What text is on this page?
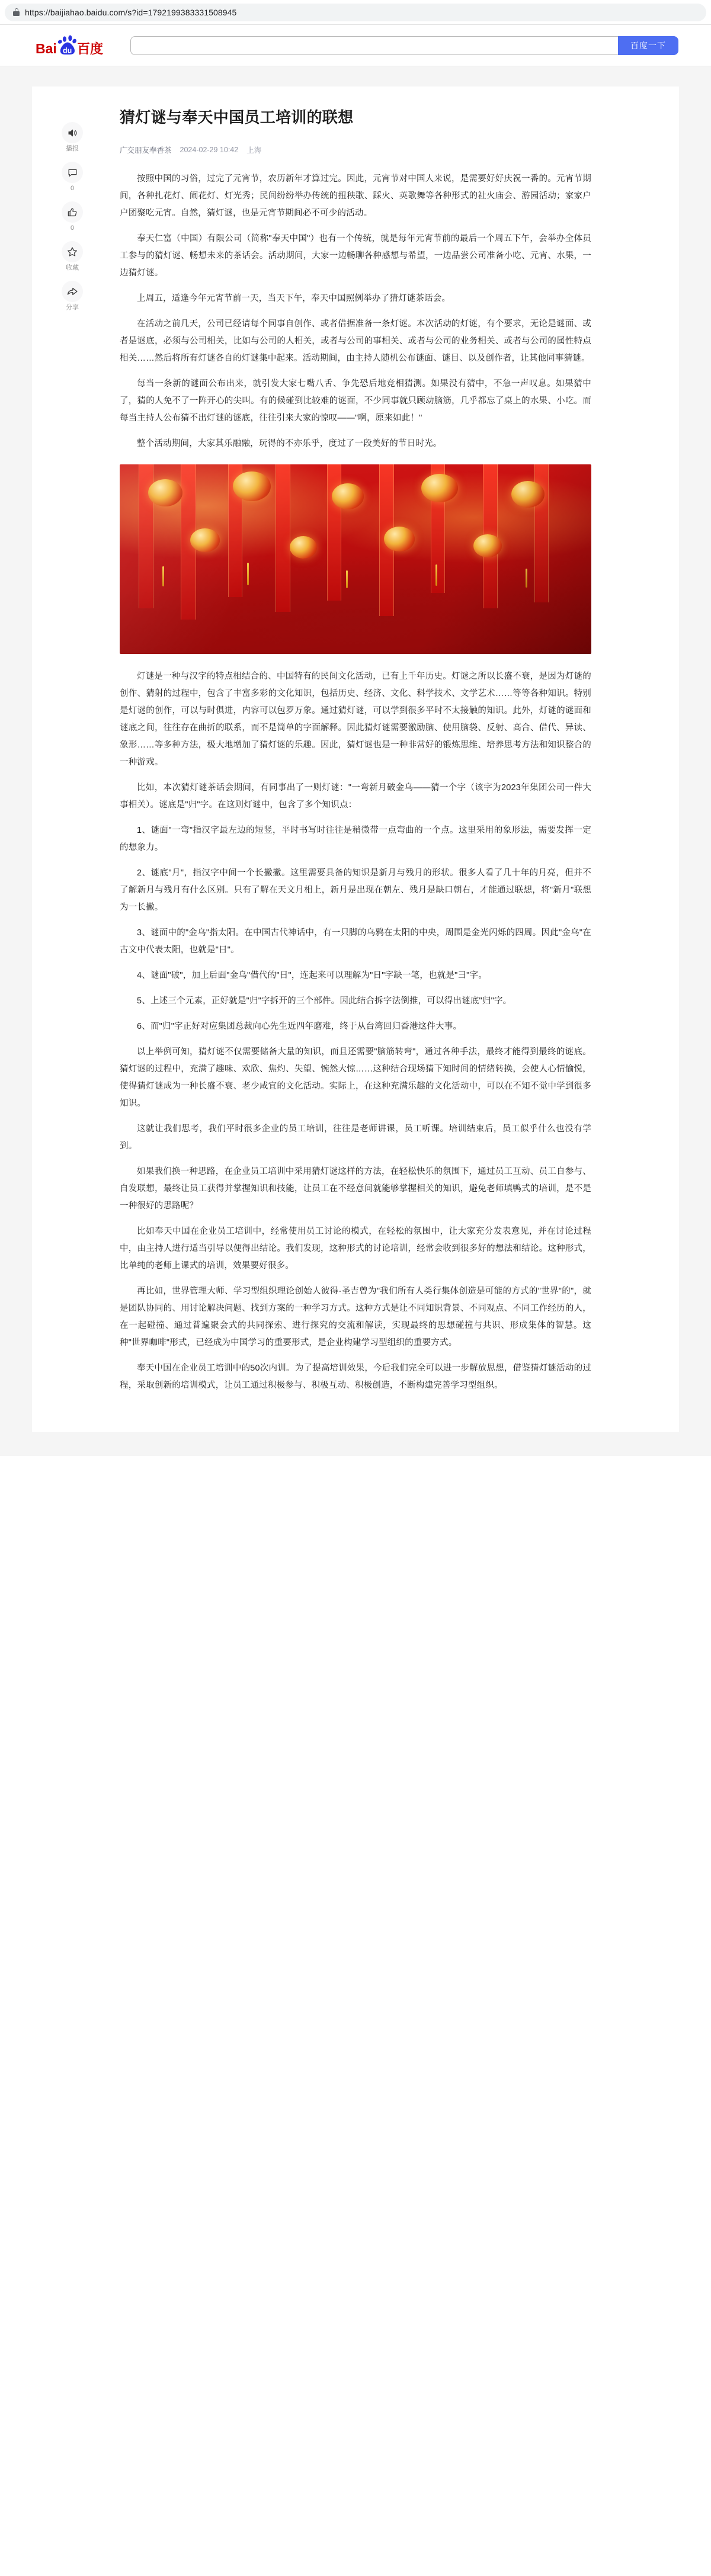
https://baijiahao.baidu.com/s?id=1792199383331508945
du
Bai 百度	百度一下
播报
0
0
收藏
分享
猜灯谜与奉天中国员工培训的联想
广交朋友奉香茶 2024-02-29 10:42 上海

按照中国的习俗，过完了元宵节，农历新年才算过完。因此，元宵节对中国人来说，是需要好好庆祝一番的。元宵节期间，各种扎花灯、闹花灯、灯光秀；民间纷纷举办传统的扭秧歌、踩火、英歌舞等各种形式的社火庙会、游园活动；家家户户团聚吃元宵。自然，猜灯谜，也是元宵节期间必不可少的活动。

奉天仁富（中国）有限公司（简称"奉天中国"）也有一个传统，就是每年元宵节前的最后一个周五下午，会举办全体员工参与的猜灯谜、畅想未来的茶话会。活动期间，大家一边畅聊各种感想与希望，一边品尝公司准备小吃、元宵、水果，一边猜灯谜。

上周五，适逢今年元宵节前一天，当天下午，奉天中国照例举办了猜灯谜茶话会。

在活动之前几天，公司已经请每个同事自创作、或者借据准备一条灯谜。本次活动的灯谜，有个要求，无论是谜面、或者是谜底，必须与公司相关，比如与公司的人相关，或者与公司的事相关、或者与公司的业务相关、或者与公司的属性特点相关……然后将所有灯谜各自的灯谜集中起来。活动期间，由主持人随机公布谜面、谜目、以及创作者，让其他同事猜谜。

每当一条新的谜面公布出来，就引发大家七嘴八舌、争先恐后地竞相猜测。如果没有猜中，不急一声叹息。如果猜中了，猜的人免不了一阵开心的尖叫。有的候碰到比较难的谜面，不少同事就只顾动脑筋，几乎都忘了桌上的水果、小吃。而每当主持人公布猜不出灯谜的谜底，往往引来大家的惊叹——"啊，原来如此！"

整个活动期间，大家其乐融融，玩得的不亦乐乎，度过了一段美好的节日时光。

灯谜是一种与汉字的特点相结合的、中国特有的民间文化活动，已有上千年历史。灯谜之所以长盛不衰，是因为灯谜的创作、猜射的过程中，包含了丰富多彩的文化知识，包括历史、经济、文化、科学技术、文学艺术……等等各种知识。特别是灯谜的创作，可以与时俱进，内容可以包罗万象。通过猜灯谜，可以学到很多平时不太接触的知识。此外，灯谜的谜面和谜底之间，往往存在曲折的联系，而不是简单的字面解释。因此猜灯谜需要激励脑、使用脑袋、反射、高合、借代、异读、象形……等多种方法，极大地增加了猜灯谜的乐趣。因此，猜灯谜也是一种非常好的锻炼思维、培养思考方法和知识整合的一种游戏。

比如，本次猜灯谜茶话会期间，有同事出了一则灯谜："一弯新月破金乌——猜一个字（该字为2023年集团公司一件大事相关）。谜底是"归"字。在这则灯谜中，包含了多个知识点：

1、谜面"一弯"指汉字最左边的短竖，平时书写时往往是稍微带一点弯曲的一个点。这里采用的象形法，需要发挥一定的想象力。

2、谜底"月"，指汉字中间一个长撇撇。这里需要具备的知识是新月与残月的形状。很多人看了几十年的月亮，但并不了解新月与残月有什么区别。只有了解在天文月相上，新月是出现在朝左、残月是缺口朝右，才能通过联想，将"新月"联想为一长撇。

3、谜面中的"金乌"指太阳。在中国古代神话中，有一只脚的乌鸦在太阳的中央，周围是金光闪烁的四周。因此"金乌"在古文中代表太阳，也就是"日"。

4、谜面"破"，加上后面"金乌"借代的"日"，连起来可以理解为"日"字缺一笔，也就是"彐"字。

5、上述三个元素，正好就是"归"字拆开的三个部件。因此结合拆字法倒推，可以得出谜底"归"字。

6、而"归"字正好对应集团总裁向心先生近四年磨难，终于从台湾回归香港这件大事。

以上举例可知，猜灯谜不仅需要储备大量的知识，而且还需要"脑筋转弯"，通过各种手法，最终才能得到最终的谜底。猜灯谜的过程中，充满了趣味、欢欣、焦灼、失望、惋然大惊……这种结合现场猜下知时间的情绪转换，会使人心情愉悦，使得猜灯谜成为一种长盛不衰、老少咸宜的文化活动。实际上，在这种充满乐趣的文化活动中，可以在不知不觉中学到很多知识。

这就让我们思考，我们平时很多企业的员工培训，往往是老师讲课，员工听课。培训结束后，员工似乎什么也没有学到。

如果我们换一种思路，在企业员工培训中采用猜灯谜这样的方法，在轻松快乐的氛围下，通过员工互动、员工自参与、自发联想，最终让员工获得并掌握知识和技能，让员工在不经意间就能够掌握相关的知识，避免老师填鸭式的培训，是不是一种很好的思路呢？

比如奉天中国在企业员工培训中，经常使用员工讨论的模式，在轻松的氛围中，让大家充分发表意见，并在讨论过程中，由主持人进行适当引导以便得出结论。我们发现，这种形式的讨论培训，经常会收到很多好的想法和结论。这种形式，比单纯的老师上课式的培训，效果要好很多。

再比如，世界管理大师、学习型组织理论创始人彼得·圣吉曾为"我们所有人类行集体创造是可能的方式的"世界"的"，就是团队协同的、用讨论解决问题、找到方案的一种学习方式。这种方式是让不同知识背景、不同观点、不同工作经历的人，在一起碰撞、通过普遍聚会式的共同探索、进行探究的交流和解读，实现最终的思想碰撞与共识、形成集体的智慧。这种"世界咖啡"形式，已经成为中国学习的重要形式，是企业构建学习型组织的重要方式。

奉天中国在企业员工培训中的50次内训。为了提高培训效果，今后我们完全可以进一步解放思想，借鉴猜灯谜活动的过程，采取创新的培训模式，让员工通过积极参与、积极互动、积极创造，不断构建完善学习型组织。
